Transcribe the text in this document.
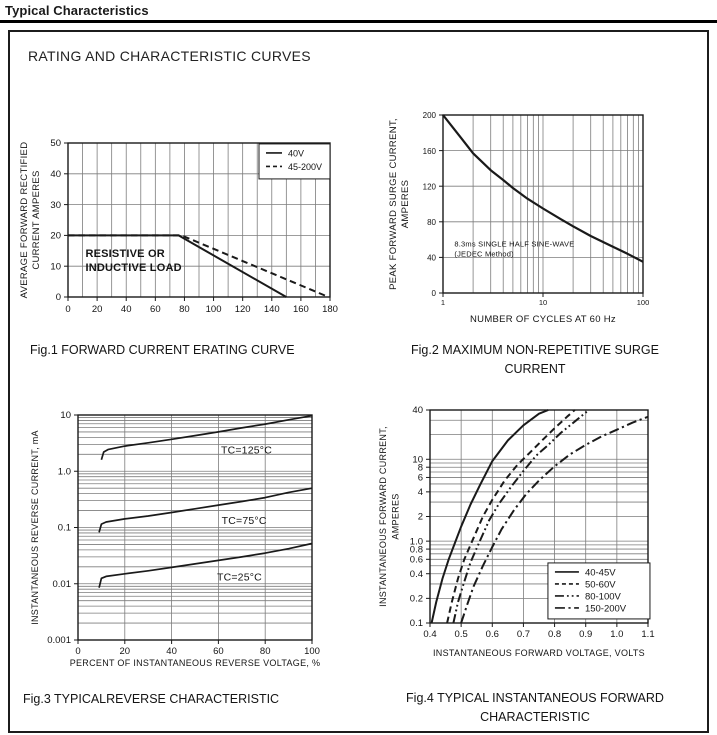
Typical Characteristics
RATING AND CHARACTERISTIC CURVES
0 20 40 60 80 100 120 140 160 180
0
10
20
30
40
50
AVERAGE FORWARD RECTIFIED CURRENT AMPERES	RESISTIVE OR
INDUCTIVE LOAD
40V
45-200V
Fig.1 FORWARD CURRENT ERATING CURVE
1	10	100
0
40
80
120
160
200
NUMBER OF CYCLES AT 60 Hz
PEAK FORWARD SURGE CURRENT, AMPERES
8.3ms SINGLE HALF SINE-WAVE
(JEDEC Method)
Fig.2 MAXIMUM NON-REPETITIVE SURGE CURRENT
0	20	40	60	80	100
10
1.0
0.1
0.01
0.001
PERCENT OF INSTANTANEOUS REVERSE VOLTAGE, %
INSTANTANEOUS REVERSE CURRENT, mA	TC=125°C
TC=75°C
TC=25°C
Fig.3 TYPICALREVERSE CHARACTERISTIC
0.4 0.5 0.6 0.7 0.8 0.9 1.0 1.1
40
10
8
6
4
2
1.0
0.8
0.6
0.4
0.2
0.1
INSTANTANEOUS FORWARD VOLTAGE, VOLTS
INSTANTANEOUS FORWARD CURRENT, AMPERES
40-45V
50-60V
80-100V
150-200V
Fig.4 TYPICAL INSTANTANEOUS FORWARD CHARACTERISTIC
